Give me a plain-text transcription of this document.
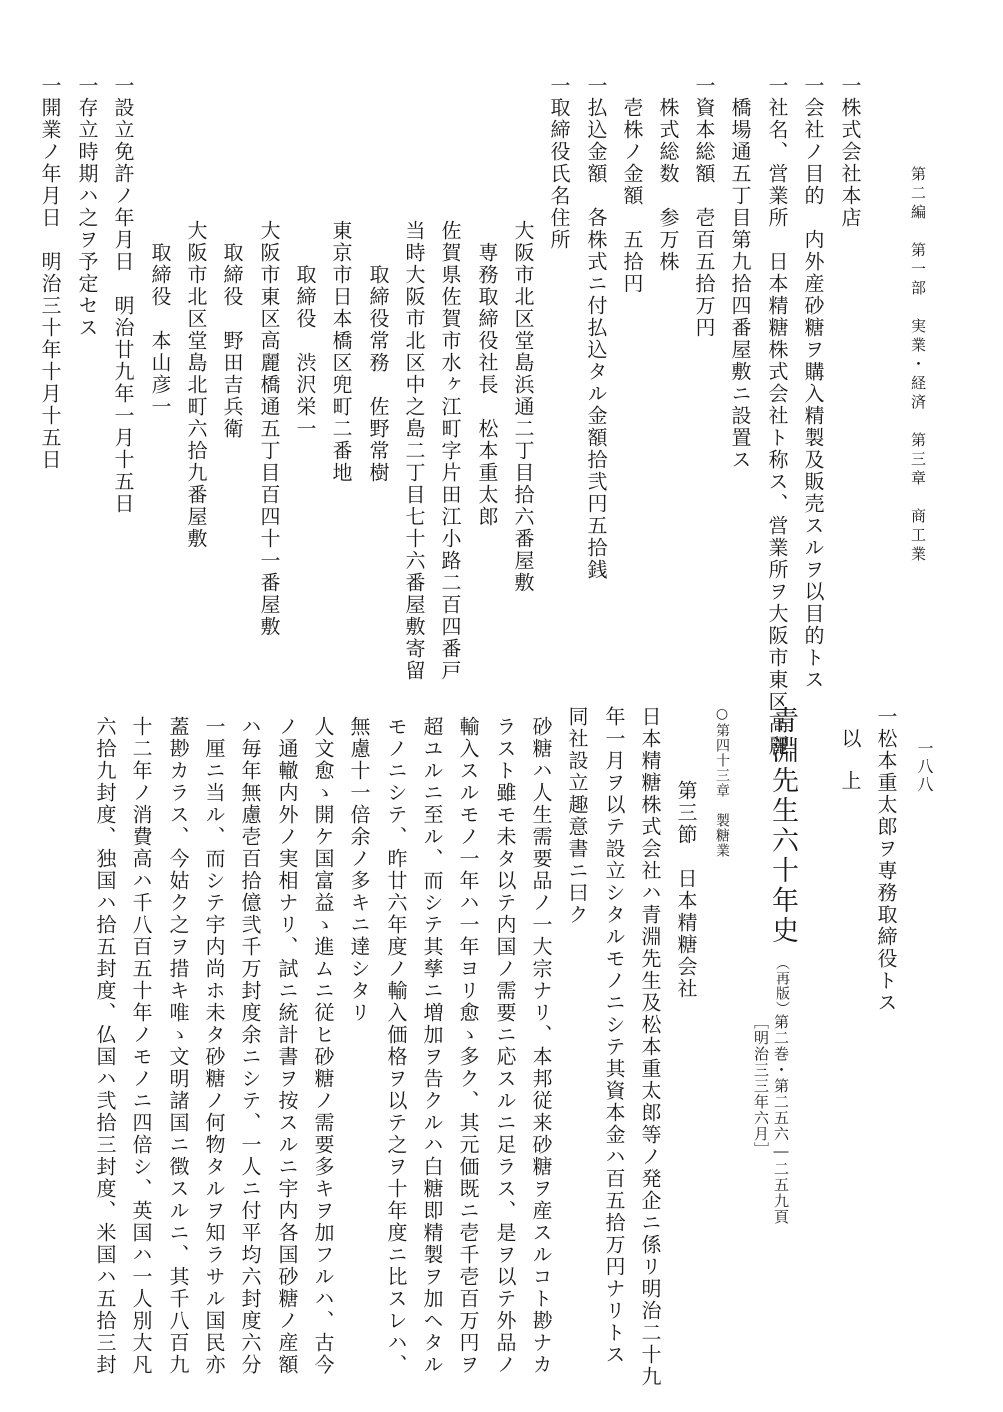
第二編　第一部　実業・経済　第三章　商工業
一八八
一株式会社本店
一会社ノ目的　内外産砂糖ヲ購入精製及販売スルヲ以目的トス
一社名、営業所　日本精糖株式会社ト称ス、営業所ヲ大阪市東区高麗
橋場通五丁目第九拾四番屋敷ニ設置ス
一資本総額　壱百五拾万円
株式総数　参万株
壱株ノ金額　五拾円
一払込金額　各株式ニ付払込タル金額拾弐円五拾銭
一取締役氏名住所
大阪市北区堂島浜通二丁目拾六番屋敷
専務取締役社長　松本重太郎
佐賀県佐賀市水ヶ江町字片田江小路二百四番戸
当時大阪市北区中之島二丁目七十六番屋敷寄留
取締役常務　佐野常樹
東京市日本橋区兜町二番地
取締役　渋沢栄一
大阪市東区高麗橋通五丁目百四十一番屋敷
取締役　野田吉兵衛
大阪市北区堂島北町六拾九番屋敷
取締役　本山彦一
一設立免許ノ年月日　明治廿九年一月十五日
一存立時期ハ之ヲ予定セス
一開業ノ年月日　明治三十年十月十五日
一松本重太郎ヲ専務取締役トス
以上
青淵先生六十年史
（再版）
第二巻・第二五六―二五九頁
［明治三三年六月］
○第四十三章　製糖業
第三節　日本精糖会社
日本精糖株式会社ハ青淵先生及松本重太郎等ノ発企ニ係リ明治二十九
年一月ヲ以テ設立シタルモノニシテ其資本金ハ百五拾万円ナリトス
同社設立趣意書ニ曰ク
砂糖ハ人生需要品ノ一大宗ナリ、本邦従来砂糖ヲ産スルコト尠ナカ
ラスト雖モ未タ以テ内国ノ需要ニ応スルニ足ラス、是ヲ以テ外品ノ
輸入スルモノ一年ハ一年ヨリ愈ゝ多ク、其元価既ニ壱千壱百万円ヲ
超ユルニ至ル、而シテ其孳ニ増加ヲ告クルハ白糖即精製ヲ加ヘタル
モノニシテ、昨廿六年度ノ輸入価格ヲ以テ之ヲ十年度ニ比スレハ、
無慮十一倍余ノ多キニ達シタリ
人文愈ゝ開ケ国富益ゝ進ムニ従ヒ砂糖ノ需要多キヲ加フルハ、古今
ノ通轍内外ノ実相ナリ、試ニ統計書ヲ按スルニ宇内各国砂糖ノ産額
ハ毎年無慮壱百拾億弐千万封度余ニシテ、一人ニ付平均六封度六分
一厘ニ当ル、而シテ宇内尚ホ未タ砂糖ノ何物タルヲ知ラサル国民亦
蓋尠カラス、今姑ク之ヲ措キ唯ゝ文明諸国ニ徴スルニ、其千八百九
十二年ノ消費高ハ千八百五十年ノモノニ四倍シ、英国ハ一人別大凡
六拾九封度、独国ハ拾五封度、仏国ハ弐拾三封度、米国ハ五拾三封
